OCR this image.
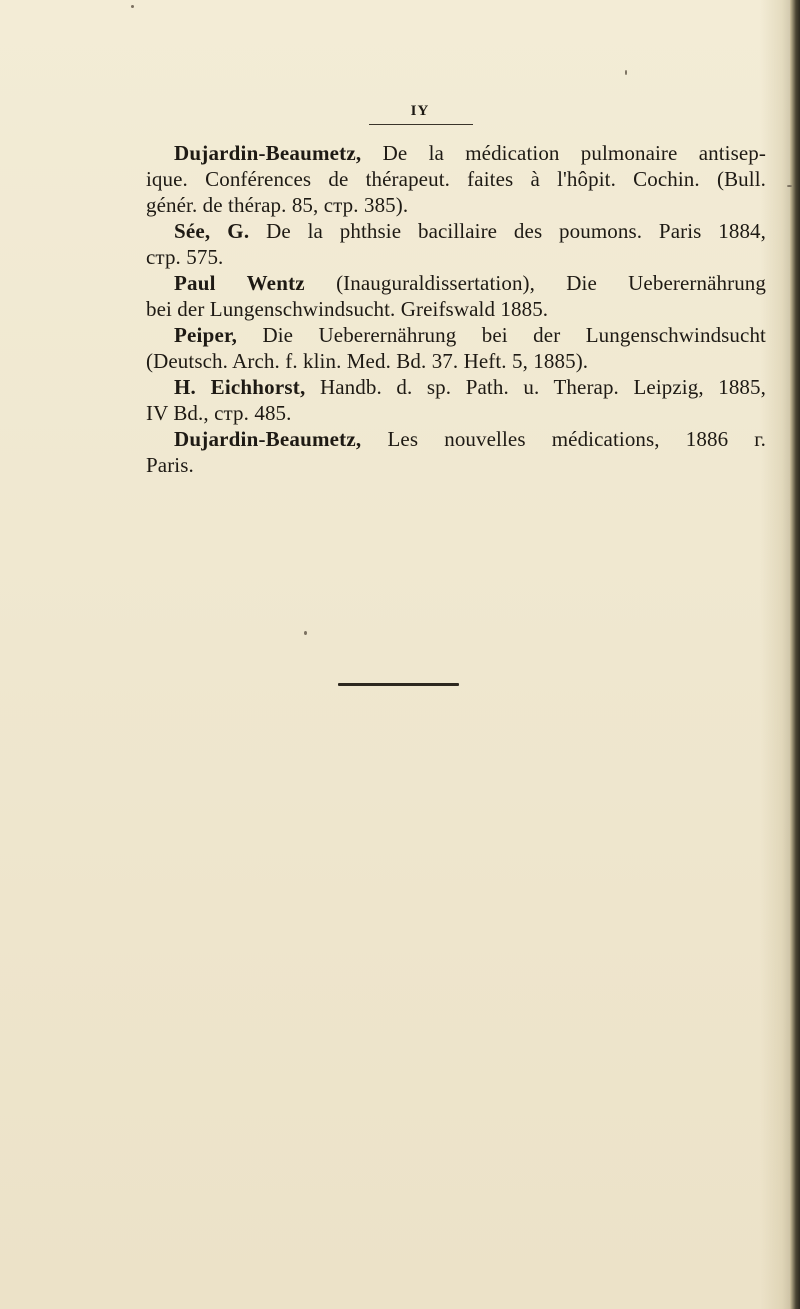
IY

Dujardin-Beaumetz, De la médication pulmonaire antisep-
ique. Conférences de thérapeut. faites à l'hôpit. Cochin. (Bull.
génér. de thérap. 85, стр. 385).

Sée, G. De la phthsie bacillaire des poumons. Paris 1884,
стр. 575.

Paul Wentz (Inauguraldissertation), Die Ueberernährung
bei der Lungenschwindsucht. Greifswald 1885.

Peiper, Die Ueberernährung bei der Lungenschwindsucht
(Deutsch. Arch. f. klin. Med. Bd. 37. Heft. 5, 1885).

H. Eichhorst, Handb. d. sp. Path. u. Therap. Leipzig, 1885,
IV Bd., стр. 485.

Dujardin-Beaumetz, Les nouvelles médications, 1886 г.
Paris.
